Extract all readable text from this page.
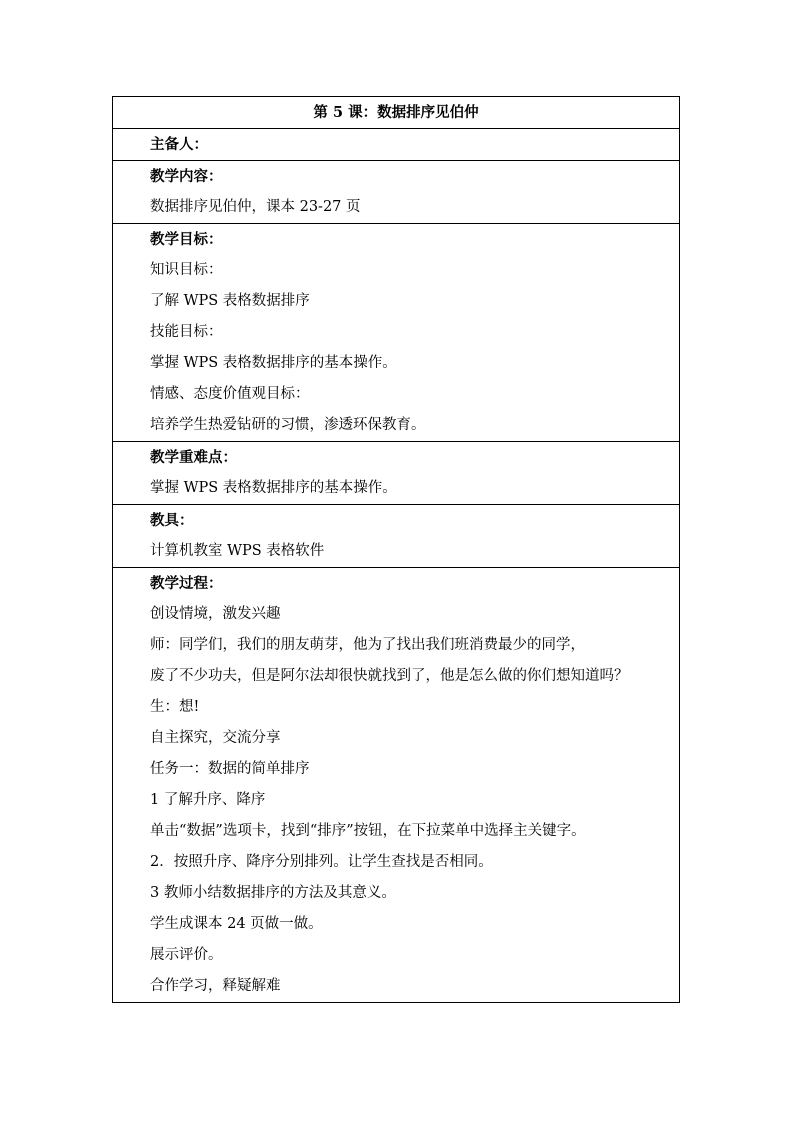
第 5 课：数据排序见伯仲

主备人：

教学内容：
数据排序见伯仲，课本 23-27 页

教学目标：
知识目标：
了解 WPS 表格数据排序
技能目标：
掌握 WPS 表格数据排序的基本操作。
情感、态度价值观目标：
培养学生热爱钻研的习惯，渗透环保教育。

教学重难点：
掌握 WPS 表格数据排序的基本操作。

教具：
计算机教室 WPS 表格软件

教学过程：
创设情境，激发兴趣
师：同学们，我们的朋友萌芽，他为了找出我们班消费最少的同学，
废了不少功夫，但是阿尔法却很快就找到了，他是怎么做的你们想知道吗？
生：想!
自主探究，交流分享
任务一：数据的简单排序
1 了解升序、降序
单击“数据”选项卡，找到“排序”按钮，在下拉菜单中选择主关键字。
2．按照升序、降序分别排列。让学生查找是否相同。
3 教师小结数据排序的方法及其意义。
学生成课本 24 页做一做。
展示评价。
合作学习，释疑解难
